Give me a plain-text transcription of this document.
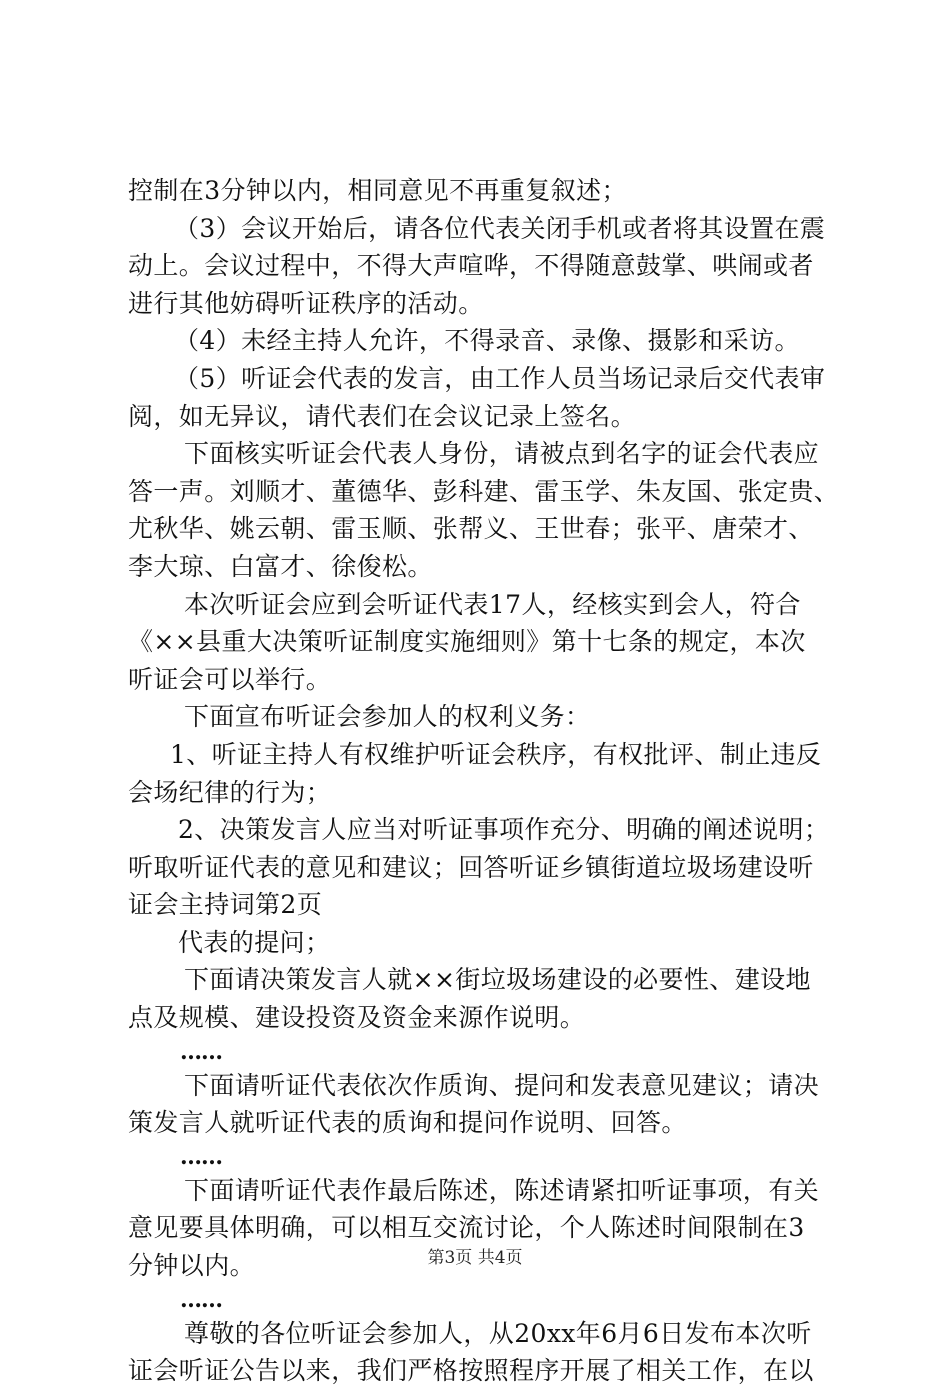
控制在3分钟以内，相同意见不再重复叙述；
（3）会议开始后，请各位代表关闭手机或者将其设置在震
动上。会议过程中，不得大声喧哗，不得随意鼓掌、哄闹或者
进行其他妨碍听证秩序的活动。
（4）未经主持人允许，不得录音、录像、摄影和采访。
（5）听证会代表的发言，由工作人员当场记录后交代表审
阅，如无异议，请代表们在会议记录上签名。
下面核实听证会代表人身份，请被点到名字的证会代表应
答一声。刘顺才、董德华、彭科建、雷玉学、朱友国、张定贵、
尤秋华、姚云朝、雷玉顺、张帮义、王世春；张平、唐荣才、
李大琼、白富才、徐俊松。
本次听证会应到会听证代表17人，经核实到会人，符合
《××县重大决策听证制度实施细则》第十七条的规定，本次
听证会可以举行。
下面宣布听证会参加人的权利义务：
1、听证主持人有权维护听证会秩序，有权批评、制止违反
会场纪律的行为；
2、决策发言人应当对听证事项作充分、明确的阐述说明；
听取听证代表的意见和建议；回答听证乡镇街道垃圾场建设听
证会主持词第2页
代表的提问；
下面请决策发言人就××街垃圾场建设的必要性、建设地
点及规模、建设投资及资金来源作说明。
……
下面请听证代表依次作质询、提问和发表意见建议；请决
策发言人就听证代表的质询和提问作说明、回答。
……
下面请听证代表作最后陈述，陈述请紧扣听证事项，有关
意见要具体明确，可以相互交流讨论，个人陈述时间限制在3
分钟以内。
……
尊敬的各位听证会参加人，从20xx年6月6日发布本次听
证会听证公告以来，我们严格按照程序开展了相关工作，在以
第3页 共4页
